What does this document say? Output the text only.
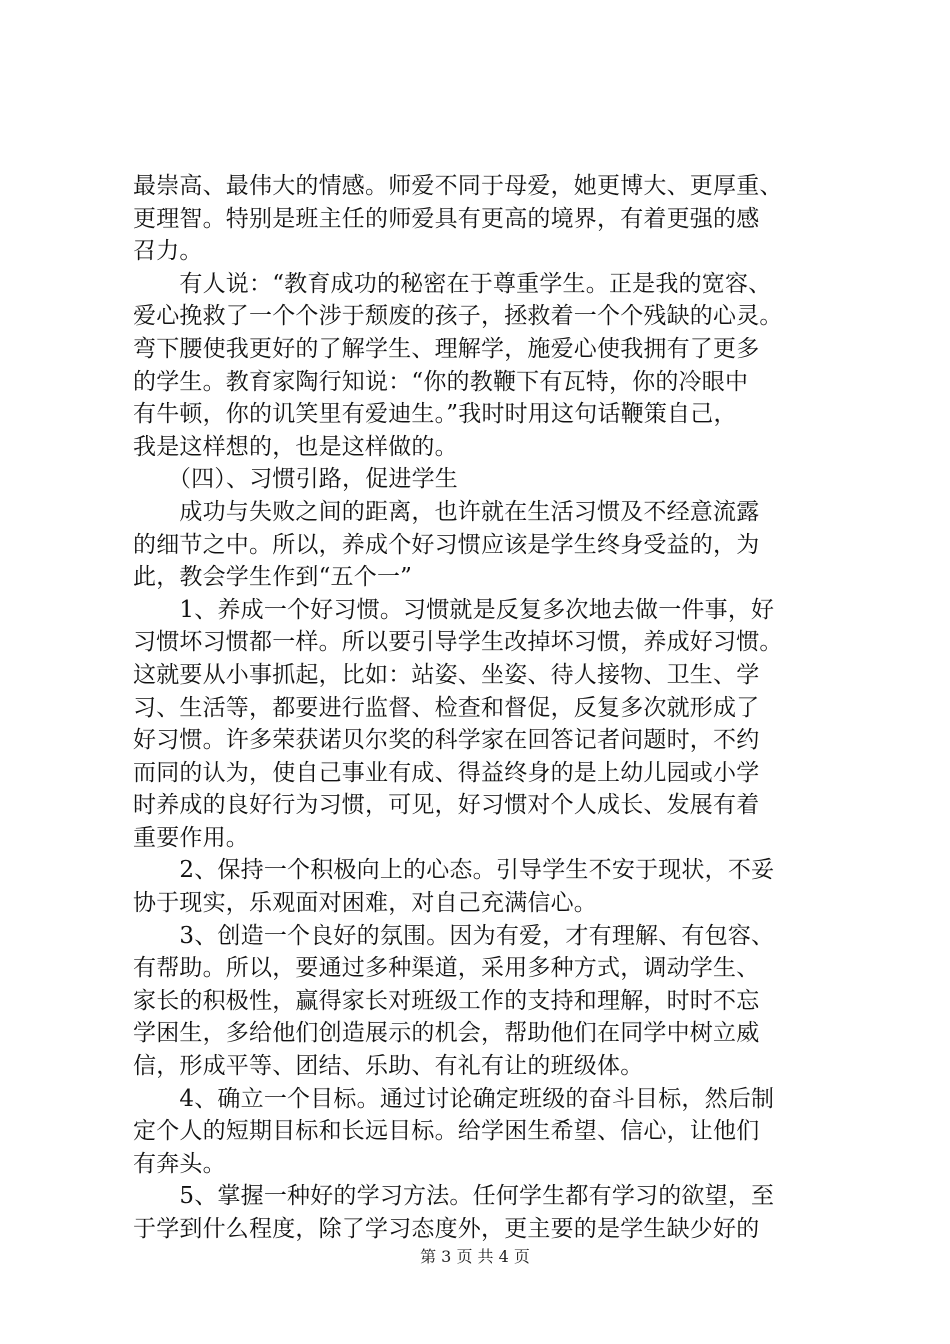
最崇高、最伟大的情感。师爱不同于母爱，她更博大、更厚重、
更理智。特别是班主任的师爱具有更高的境界，有着更强的感
召力。
　　有人说：“教育成功的秘密在于尊重学生。正是我的宽容、
爱心挽救了一个个涉于颓废的孩子，拯救着一个个残缺的心灵。
弯下腰使我更好的了解学生、理解学，施爱心使我拥有了更多
的学生。教育家陶行知说：“你的教鞭下有瓦特，你的冷眼中
有牛顿，你的讥笑里有爱迪生。”我时时用这句话鞭策自己，
我是这样想的，也是这样做的。
　　（四）、习惯引路，促进学生
　　成功与失败之间的距离，也许就在生活习惯及不经意流露
的细节之中。所以，养成个好习惯应该是学生终身受益的，为
此，教会学生作到“五个一”
　　1、养成一个好习惯。习惯就是反复多次地去做一件事，好
习惯坏习惯都一样。所以要引导学生改掉坏习惯，养成好习惯。
这就要从小事抓起，比如：站姿、坐姿、待人接物、卫生、学
习、生活等，都要进行监督、检查和督促，反复多次就形成了
好习惯。许多荣获诺贝尔奖的科学家在回答记者问题时，不约
而同的认为，使自己事业有成、得益终身的是上幼儿园或小学
时养成的良好行为习惯，可见，好习惯对个人成长、发展有着
重要作用。
　　2、保持一个积极向上的心态。引导学生不安于现状，不妥
协于现实，乐观面对困难，对自己充满信心。
　　3、创造一个良好的氛围。因为有爱，才有理解、有包容、
有帮助。所以，要通过多种渠道，采用多种方式，调动学生、
家长的积极性，赢得家长对班级工作的支持和理解，时时不忘
学困生，多给他们创造展示的机会，帮助他们在同学中树立威
信，形成平等、团结、乐助、有礼有让的班级体。
　　4、确立一个目标。通过讨论确定班级的奋斗目标，然后制
定个人的短期目标和长远目标。给学困生希望、信心，让他们
有奔头。
　　5、掌握一种好的学习方法。任何学生都有学习的欲望，至
于学到什么程度，除了学习态度外，更主要的是学生缺少好的
第 3 页 共 4 页
